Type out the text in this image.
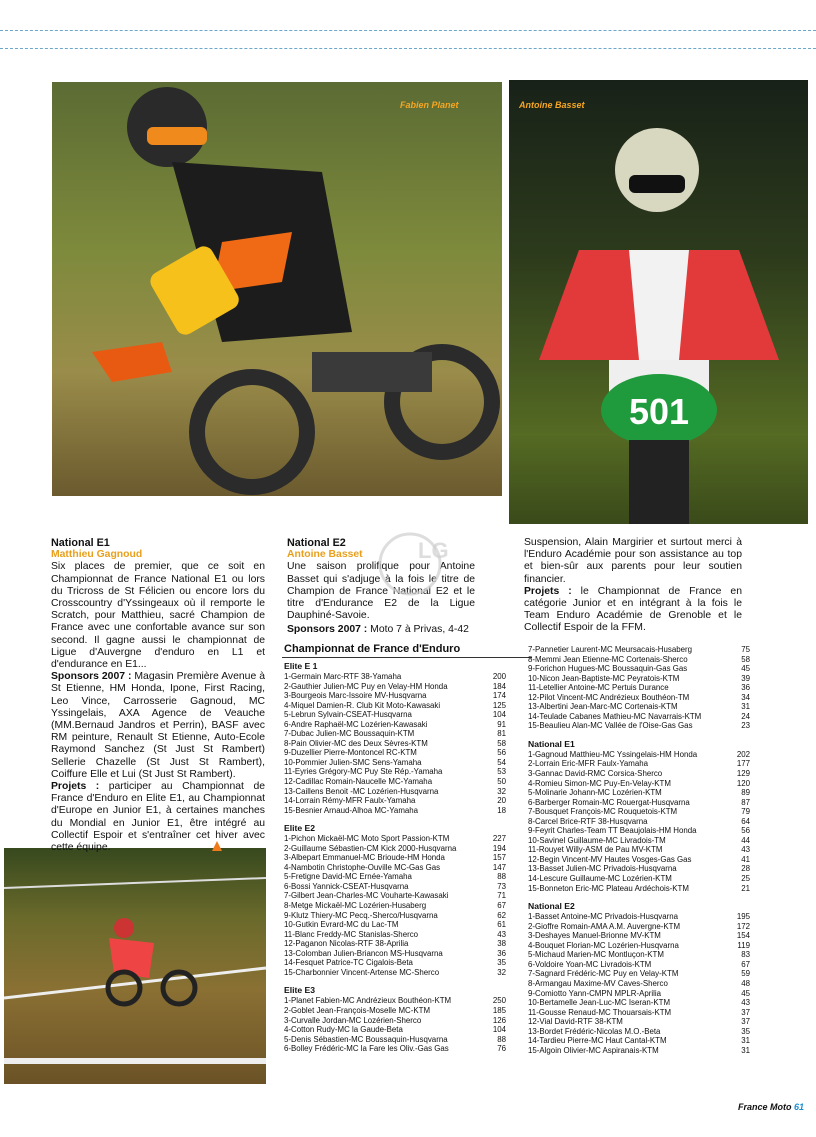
Fabien Planet
501
Antoine Basset

National E1

Matthieu Gagnoud

Six places de premier, que ce soit en Championnat de France National E1 ou lors du Tricross de St Félicien ou encore lors du Crosscountry d'Yssingeaux où il remporte le Scratch, pour Matthieu, sacré Champion de France avec une confortable avance sur son second. Il gagne aussi le championnat de Ligue d'Auvergne d'enduro en L1 et d'endurance en E1...

Sponsors 2007 : Magasin Première Avenue à St Etienne, HM Honda, Ipone, First Racing, Leo Vince, Carrosserie Gagnoud, MC Yssingelais, AXA Agence de Veauche (MM.Bernaud Jandros et Perrin), BASF avec RM peinture, Renault St Etienne, Auto-Ecole Raymond Sanchez (St Just St Rambert) Sellerie Chazelle (St Just St Rambert), Coiffure Elle et Lui (St Just St Rambert).

Projets : participer au Championnat de France d'Enduro en Elite E1, au Championnat d'Europe en Junior E1, à certaines manches du Mondial en Junior E1, être intégré au Collectif Espoir et s'entraîner cet hiver avec cette équipe.

National E2

Antoine Basset

Une saison prolifique pour Antoine Basset qui s'adjuge à la fois le titre de Champion de France National E2 et le titre d'Endurance E2 de la Ligue Dauphiné-Savoie.

Sponsors 2007 : Moto 7 à Privas, 4-42

LG	Suspension, Alain Margirier et surtout merci à l'Enduro Académie pour son assistance au top et bien-sûr aux parents pour leur soutien financier.

Projets : le Championnat de France en catégorie Junior et en intégrant à la fois le Team Enduro Académie de Grenoble et le Collectif Espoir de la FFM.

Championnat de France d'Enduro
Elite E 1
1-Germain Marc-RTF 38-Yamaha	200
2-Gauthier Julien-MC Puy en Velay-HM Honda	184
3-Bourgeois Marc-Issoire MV-Husqvarna	174
4-Miquel Damien-R. Club Kit Moto-Kawasaki	125
5-Lebrun Sylvain-CSEAT-Husqvarna	104
6-Andre Raphaël-MC Lozérien-Kawasaki	91
7-Dubac Julien-MC Boussaquin-KTM	81
8-Pain Olivier-MC des Deux Sèvres-KTM	58
9-Duzellier Pierre-Montoncel RC-KTM	56
10-Pommier Julien-SMC Sens-Yamaha	54
11-Eyries Grégory-MC Puy Ste Rép.-Yamaha	53
12-Cadillac Romain-Naucelle MC-Yamaha	50
13-Caillens Benoit -MC Lozérien-Husqvarna	32
14-Lorrain Rémy-MFR Faulx-Yamaha	20
15-Besnier Arnaud-Alhoa MC-Yamaha	18
Elite E2
1-Pichon Mickaël-MC Moto Sport Passion-KTM	227
2-Guillaume Sébastien-CM Kick 2000-Husqvarna	194
3-Albepart Emmanuel-MC Brioude-HM Honda	157
4-Nambotin Christophe-Ouville MC-Gas Gas	147
5-Fretigne David-MC Ernée-Yamaha	88
6-Bossi Yannick-CSEAT-Husqvarna	73
7-Gilbert Jean-Charles-MC Vouharte-Kawasaki	71
8-Metge Mickaël-MC Lozérien-Husaberg	67
9-Klutz Thiery-MC Pecq.-Sherco/Husqvarna	62
10-Gutkin Evrard-MC du Lac-TM	61
11-Blanc Freddy-MC Stanislas-Sherco	43
12-Paganon Nicolas-RTF 38-Aprilia	38
13-Colomban Julien-Briancon MS-Husqvarna	36
14-Fesquet Patrice-TC Cigalois-Beta	35
15-Charbonnier Vincent-Artense MC-Sherco	32
Elite E3
1-Planet Fabien-MC Andrézieux Bouthéon-KTM	250
2-Goblet Jean-François-Moselle MC-KTM	185
3-Curvalle Jordan-MC Lozérien-Sherco	126
4-Cotton Rudy-MC la Gaude-Beta	104
5-Denis Sébastien-MC Boussaquin-Husqvarna	88
6-Bolley Frédéric-MC la Fare les Oliv.-Gas Gas	76
7-Pannetier Laurent-MC Meursacais-Husaberg	75
8-Memmi Jean Etienne-MC Cortenais-Sherco	58
9-Forichon Hugues-MC Boussaquin-Gas Gas	45
10-Nicon Jean-Baptiste-MC Peyratois-KTM	39
11-Letellier Antoine-MC Pertuis Durance	36
12-Pilot Vincent-MC Andrézieux Bouthéon-TM	34
13-Albertini Jean-Marc-MC Cortenais-KTM	31
14-Teulade Cabanes Mathieu-MC Navarrais-KTM	24
15-Beaulieu Alan-MC Vallée de l'Oise-Gas Gas	23
National E1
1-Gagnoud Matthieu-MC Yssingelais-HM Honda	202
2-Lorrain Eric-MFR Faulx-Yamaha	177
3-Gannac David-RMC Corsica-Sherco	129
4-Romieu Simon-MC Puy-En-Velay-KTM	120
5-Molinarie Johann-MC Lozérien-KTM	89
6-Barberger Romain-MC Rouergat-Husqvarna	87
7-Bousquet François-MC Rouquetois-KTM	79
8-Carcel Brice-RTF 38-Husqvarna	64
9-Feyrit Charles-Team TT Beaujolais-HM Honda	56
10-Savinel Guillaume-MC Livradois-TM	44
11-Rouyet Willy-ASM de Pau MV-KTM	43
12-Begin Vincent-MV Hautes Vosges-Gas Gas	41
13-Basset Julien-MC Privadois-Husqvarna	28
14-Lescure Guillaume-MC Lozérien-KTM	25
15-Bonneton Eric-MC Plateau Ardéchois-KTM	21
National E2
1-Basset Antoine-MC Privadois-Husqvarna	195
2-Gioffre Romain-AMA A.M. Auvergne-KTM	172
3-Deshayes Manuel-Brionne MV-KTM	154
4-Bouquet Florian-MC Lozérien-Husqvarna	119
5-Michaud Marien-MC Montluçon-KTM	83
6-Voldoire Yoan-MC Livradois-KTM	67
7-Sagnard Frédéric-MC Puy en Velay-KTM	59
8-Armangau Maxime-MV Caves-Sherco	48
9-Comiotto Yann-CMPN MPLR-Aprilia	45
10-Bertamelle Jean-Luc-MC Iseran-KTM	43
11-Gousse Renaud-MC Thouarsais-KTM	37
12-Vial David-RTF 38-KTM	37
13-Bordet Frédéric-Nicolas M.O.-Beta	35
14-Tardieu Pierre-MC Haut Cantal-KTM	31
15-Algoin Olivier-MC Aspiranais-KTM	31
France Moto 61
